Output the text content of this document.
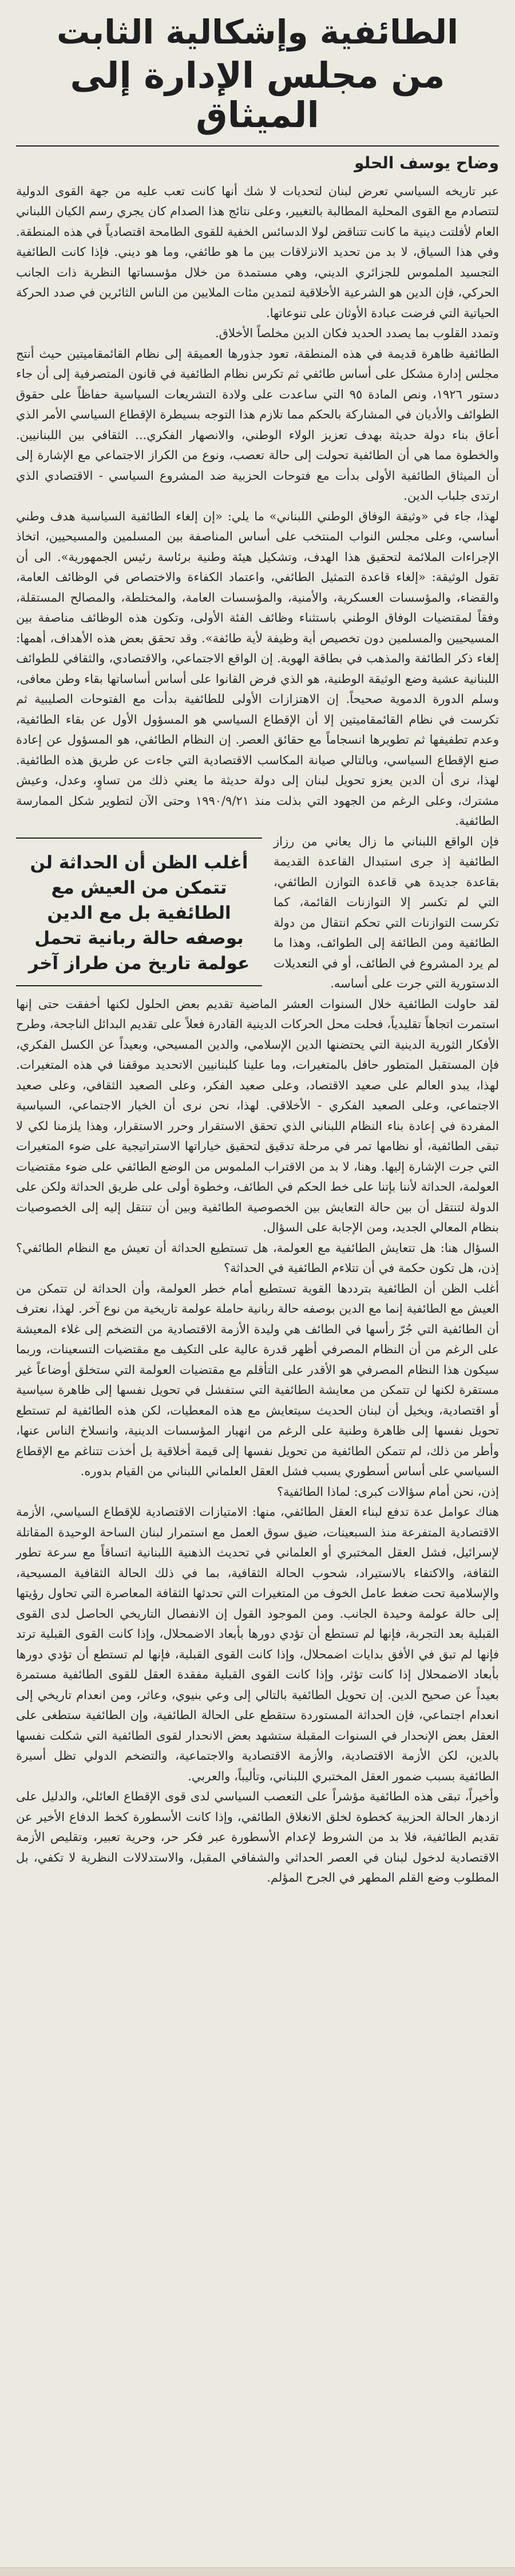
الطائفية وإشكالية الثابت
من مجلس الإدارة إلى الميثاق
وضاح يوسف الحلو

عبر تاريخه السياسي تعرض لبنان لتحديات لا شك أنها كانت تعب عليه من جهة القوى الدولية لتتصادم مع القوى المحلية المطالبة بالتغيير، وعلى نتائج هذا الصدام كان يجري رسم الكيان اللبناني العام لأفلتت دينية ما كانت تتناقض لولا الدسائس الخفية للقوى الطامحة اقتصادياً في هذه المنطقة. وفي هذا السياق، لا بد من تحديد الانزلاقات بين ما هو طائفي، وما هو ديني. فإذا كانت الطائفية التجسيد الملموس للجزائري الديني، وهي مستمدة من خلال مؤسساتها النظرية ذات الجانب الحركي، فإن الدين هو الشرعية الأخلاقية لتمدين مئات الملايين من الناس الثائرين في صدد الحركة الحياتية التي فرضت عبادة الأوثان على تنوعاتها.

وتمدد القلوب بما يصدد الحديد فكان الدين مخلصاً الأخلاق.

الطائفية ظاهرة قديمة في هذه المنطقة، تعود جذورها العميقة إلى نظام القائمقاميتين حيث أنتج مجلس إدارة مشكل على أساس طائفي ثم تكرس نظام الطائفية في قانون المتصرفية إلى أن جاء دستور ١٩٢٦، ونص المادة ٩٥ التي ساعدت على ولادة التشريعات السياسية حفاظاً على حقوق الطوائف والأديان في المشاركة بالحكم مما تلازم هذا التوجه بسيطرة الإقطاع السياسي الأمر الذي أعاق بناء دولة حديثة بهدف تعزيز الولاء الوطني، والانصهار الفكري... الثقافي بين اللبنانيين. والخطوة مما هي أن الطائفية تحولت إلى حالة تعصب، ونوع من الكراز الاجتماعي مع الإشارة إلى أن الميثاق الطائفية الأولى بدأت مع فتوحات الحزبية ضد المشروع السياسي - الاقتصادي الذي ارتدى جلباب الدين.

لهذا، جاء في «وثيقة الوفاق الوطني اللبناني» ما يلي: «إن إلغاء الطائفية السياسية هدف وطني أساسي، وعلى مجلس النواب المنتخب على أساس المناصفة بين المسلمين والمسيحيين، اتخاذ الإجراءات الملائمة لتحقيق هذا الهدف، وتشكيل هيئة وطنية برئاسة رئيس الجمهورية». الى أن تقول الوثيقة: «إلغاء قاعدة التمثيل الطائفي، واعتماد الكفاءة والاختصاص في الوظائف العامة، والقضاء، والمؤسسات العسكرية، والأمنية، والمؤسسات العامة، والمختلطة، والمصالح المستقلة، وفقاً لمقتضيات الوفاق الوطني باستثناء وظائف الفئة الأولى، وتكون هذه الوظائف مناصفة بين المسيحيين والمسلمين دون تخصيص أية وظيفة لأية طائفة». وقد تحقق بعض هذه الأهداف، أهمها: إلغاء ذكر الطائفة والمذهب في بطاقة الهوية. إن الواقع الاجتماعي، والاقتصادي، والثقافي للطوائف اللبنانية عشية وضع الوثيقة الوطنية، هو الذي فرض القانوا على أساس أساساتها بقاء وطن معافى، وسلم الدورة الدموية صحيحاً. إن الاهتزازات الأولى للطائفية بدأت مع الفتوحات الصليبية ثم تكرست في نظام القائمقاميتين إلا أن الإقطاع السياسي هو المسؤول الأول عن بقاء الطائفية، وعدم تطفيفها ثم تطويرها انسجاماً مع حقائق العصر. إن النظام الطائفي، هو المسؤول عن إعادة صنع الإقطاع السياسي، وبالتالي صيانة المكاسب الاقتصادية التي جاءت عن طريق هذه الطائفية. لهذا، نرى أن الدين يعزو تحويل لبنان إلى دولة حديثة ما يعني ذلك من تساوٍ، وعدل، وعيش مشترك، وعلى الرغم من الجهود التي بذلت منذ ١٩٩٠/٩/٢١ وحتى الآن لتطوير شكل الممارسة الطائفية.

أغلب الظن أن الحداثة لن تتمكن من العيش مع الطائفية بل مع الدين بوصفه حالة ربانية تحمل عولمة تاريخ من طراز آخر

فإن الواقع اللبناني ما زال يعاني من رزاز الطائفية إذ جرى استبدال القاعدة القديمة بقاعدة جديدة هي قاعدة التوازن الطائفي، التي لم تكسر إلا التوازنات القائمة، كما تكرست التوازنات التي تحكم انتقال من دولة الطائفية ومن الطائفة إلى الطوائف، وهذا ما لم يرد المشروع في الطائف، أو في التعديلات الدستورية التي جرت على أساسه.

لقد حاولت الطائفية خلال السنوات العشر الماضية تقديم بعض الحلول لكنها أخفقت حتى إنها استمرت اتجاهاً تقليدياً، فحلت محل الحركات الدينية القادرة فعلاً على تقديم البدائل الناجحة، وطرح الأفكار الثورية الدينية التي يحتضنها الدين الإسلامي، والدين المسيحي، وبعيداً عن الكسل الفكري، فإن المستقبل المتطور حافل بالمتغيرات، وما علينا كلبنانيين الاتحديد موقفنا في هذه المتغيرات. لهذا، يبدو العالم على صعيد الاقتصاد، وعلى صعيد الفكر، وعلى الصعيد الثقافي، وعلى صعيد الاجتماعي، وعلى الصعيد الفكري - الأخلاقي. لهذا، نحن نرى أن الخيار الاجتماعي، السياسية المفردة في إعادة بناء النظام اللبناني الذي تحقق الاستقرار وحرر الاستقرار، وهذا يلزمنا لكي لا تبقى الطائفية، أو نظامها تمر في مرحلة تدقيق لتحقيق خياراتها الاستراتيجية على ضوء المتغيرات التي جرت الإشارة إليها. وهنا، لا بد من الاقتراب الملموس من الوضع الطائفي على ضوء مقتضيات العولمة، الحداثة لأننا بإتنا على خط الحكم في الطائف، وخطوة أولى على طريق الحداثة ولكن على الدولة لتنتقل أن بين حالة التعايش بين الخصوصية الطائفية وبين أن تنتقل إليه إلى الخصوصيات بنظام المعالي الجديد، ومن الإجابة على السؤال.

السؤال هنا: هل تتعايش الطائفية مع العولمة، هل تستطيع الحداثة أن تعيش مع النظام الطائفي؟ إذن، هل تكون حكمة في أن تتلاءم الطائفية في الحداثة؟

أغلب الظن أن الطائفية بترددها القوية تستطيع أمام خطر العولمة، وأن الحداثة لن تتمكن من العيش مع الطائفية إنما مع الدين بوصفه حالة ربانية حاملة عولمة تاريخية من نوع آخر. لهذا، نعترف أن الطائفية التي جُرّ رأسها في الطائف هي وليدة الأزمة الاقتصادية من التضخم إلى غلاء المعيشة على الرغم من أن النظام المصرفي أظهر قدرة عالية على التكيف مع مقتضيات التسعينات، وربما سيكون هذا النظام المصرفي هو الأقدر على التأقلم مع مقتضيات العولمة التي ستخلق أوضاعاً غير مستقرة لكنها لن تتمكن من معايشة الطائفية التي ستفشل في تحويل نفسها إلى ظاهرة سياسية أو اقتصادية، ويخيل أن لبنان الحديث سيتعايش مع هذه المعطيات، لكن هذه الطائفية لم تستطع تحويل نفسها إلى ظاهرة وطنية على الرغم من انهيار المؤسسات الدينية، وانسلاخ الناس عنها، وأطر من ذلك، لم تتمكن الطائفية من تحويل نفسها إلى قيمة أخلاقية بل أخذت تتناغم مع الإقطاع السياسي على أساس أسطوري يسبب فشل العقل العلماني اللبناني من القيام بدوره.

إذن، نحن أمام سؤالات كبرى: لماذا الطائفية؟

هناك عوامل عدة تدفع لبناء العقل الطائفي، منها: الامتيازات الاقتصادية للإقطاع السياسي، الأزمة الاقتصادية المتفرعة منذ السبعينات، ضيق سوق العمل مع استمرار لبنان الساحة الوحيدة المقاتلة لإسرائيل، فشل العقل المختبري أو العلماني في تحديث الذهنية اللبنانية اتساقاً مع سرعة تطور الثقافة، والاكتفاء بالاستيراد، شحوب الحالة الثقافية، بما في ذلك الحالة الثقافية المسيحية، والإسلامية تحت ضغط عامل الخوف من المتغيرات التي تحدثها الثقافة المعاصرة التي تحاول رؤيتها إلى حالة عولمة وحيدة الجانب. ومن الموجود القول إن الانفصال التاريخي الحاصل لدى القوى القبلية بعد التجربة، فإنها لم تستطع أن تؤدي دورها بأبعاد الاضمحلال، وإذا كانت القوى القبلية ترتد فإنها لم تبق في الأفق بدايات اضمحلال، وإذا كانت القوى القبلية، فإنها لم تستطع أن تؤدي دورها بأبعاد الاضمحلال إذا كانت تؤثر، وإذا كانت القوى القبلية مفقدة العقل للقوى الطائفية مستمرة بعيداً عن صحيح الدين. إن تحويل الطائفية بالتالي إلى وعي بنيوي، وعاثر، ومن انعدام تاريخي إلى انعدام اجتماعي، فإن الحداثة المستوردة ستقطع على الحالة الطائفية، وإن الطائفية ستطغى على العقل بعض الإنحدار في السنوات المقبلة ستشهد بعض الانحدار لقوى الطائفية التي شكلت نفسها بالدين، لكن الأزمة الاقتصادية، والأزمة الاقتصادية والاجتماعية، والتضخم الدولي تظل أسيرة الطائفية بسبب ضمور العقل المختبري اللبناني، وتأليباً، والعربي.

وأخيراً، تبقى هذه الطائفية مؤشراً على التعصب السياسي لدى قوى الإقطاع العائلي، والدليل على ازدهار الحالة الحزبية كخطوة لخلق الانغلاق الطائفي، وإذا كانت الأسطورة كخط الدفاع الأخير عن تقديم الطائفية، فلا بد من الشروط لإعدام الأسطورة عبر فكر حر، وحرية تعبير، وتقليص الأزمة الاقتصادية لدخول لبنان في العصر الحداثي والشفافي المقبل، والاستدلالات النظرية لا تكفي، بل المطلوب وضع القلم المطهر في الجرح المؤلم.
